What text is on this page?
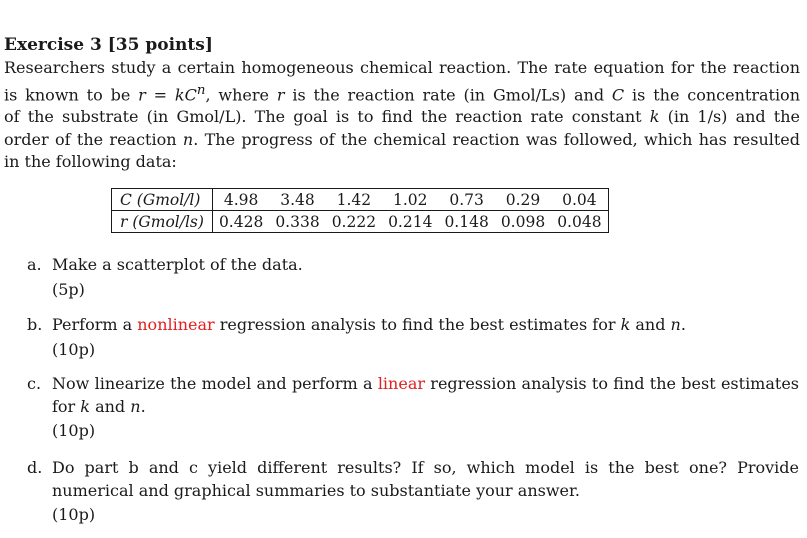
Exercise 3 [35 points]
Researchers study a certain homogeneous chemical reaction. The rate equation for the reaction
is known to be $r = kC^n$, where r is the reaction rate (in Gmol/Ls) and C is the concentration
of the substrate (in Gmol/L). The goal is to find the reaction rate constant k (in 1/s) and the
order of the reaction n. The progress of the chemical reaction was followed, which has resulted
in the following data:
C (Gmol/l)	4.98	3.48	1.42	1.02	0.73	0.29	0.04
r (Gmol/ls)	0.428	0.338	0.222	0.214	0.148	0.098	0.048
a. Make a scatterplot of the data.
(5p)
b. Perform a nonlinear regression analysis to find the best estimates for k and n.
(10p)
c. Now linearize the model and perform a linear regression analysis to find the best estimates
for k and n.
(10p)
d. Do part b and c yield different results? If so, which model is the best one? Provide
numerical and graphical summaries to substantiate your answer.
(10p)
